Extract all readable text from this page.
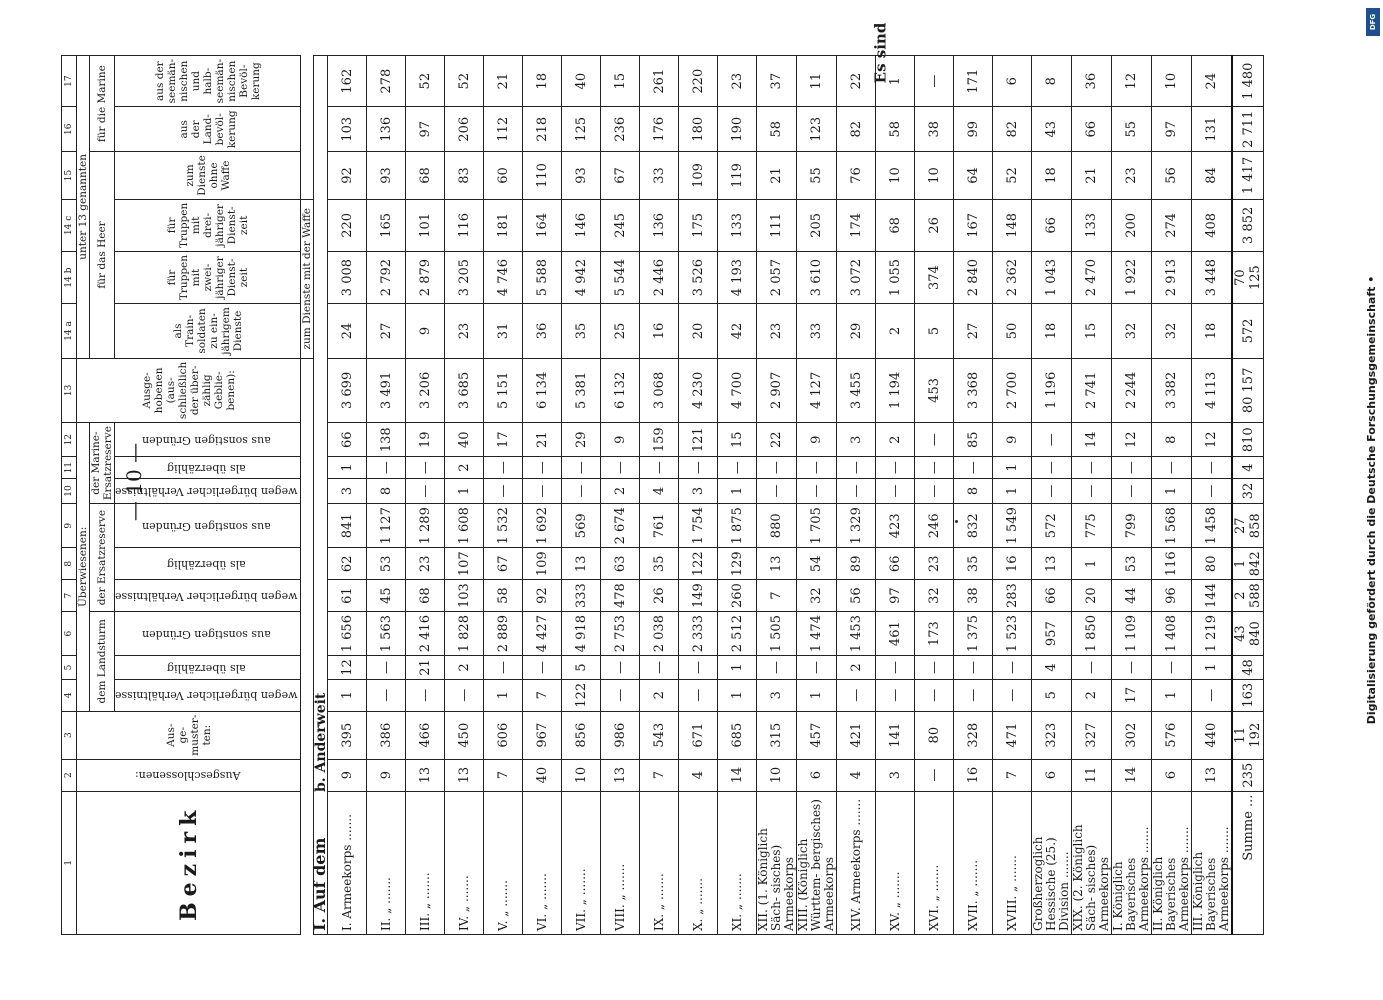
— 10 —
Es sind
DFG
Digitalisierung gefördert durch die Deutsche Forschungsgemeinschaft •
1	2	3	4	5	6	7	8	9	10	11	12	13	14 a	14 b	14 c	15	16	17
Bezirk	Ausgeschlossenen:	Aus- ge- muster- ten:	Überwiesenen:									Ausge- hobenen (aus- schließlich der über- zählig Geblie- benen):	unter 13 genannten					
			dem Landsturm			der Ersatzreserve			der Marine- Ersatzreserve				für das Heer				für die Marine	
			wegen bürgerlicher Verhältnisse	als überzählig	aus sonstigen Gründen	wegen bürgerlicher Verhältnisse	als überzählig	aus sonstigen Gründen	wegen bürgerlicher Verhältnisse	als überzählig	aus sonstigen Gründen		als Train- soldaten zu ein- jährigem Dienste	für Truppen mit zwei- jähriger Dienst- zeit	für Truppen mit drei- jähriger Dienst- zeit	zum Dienste ohne Waffe	aus der Land- bevöl- kerung	aus der seemän- nischen und halb- seemän- nischen Bevöl- kerung
													zum Dienste mit der Waffe					
I. Auf dem b. Anderweit																		
I. Armeekorps .......	9	395	1	12	1 656	61	62	841	3	1	66	3 699	24	3 008	220	92	103	162
II. „ .......	9	386	—	—	1 563	45	53	1 127	8	—	138	3 491	27	2 792	165	93	136	278
III. „ .......	13	466	—	21	2 416	68	23	1 289	—	—	19	3 206	9	2 879	101	68	97	52
IV. „ .......	13	450	—	2	1 828	103	107	1 608	1	2	40	3 685	23	3 205	116	83	206	52
V. „ .......	7	606	1	—	2 889	58	67	1 532	—	—	17	5 151	31	4 746	181	60	112	21
VI. „ .......	40	967	7	—	4 427	92	109	1 692	—	—	21	6 134	36	5 588	164	110	218	18
VII. „ .......	10	856	122	5	4 918	333	13	569	—	—	29	5 381	35	4 942	146	93	125	40
VIII. „ .......	13	986	—	—	2 753	478	63	2 674	2	—	9	6 132	25	5 544	245	67	236	15
IX. „ .......	7	543	2	—	2 038	26	35	761	4	—	159	3 068	16	2 446	136	33	176	261
X. „ .......	4	671	—	—	2 333	149	122	1 754	3	—	121	4 230	20	3 526	175	109	180	220
XI. „ .......	14	685	1	1	2 512	260	129	1 875	1	—	15	4 700	42	4 193	133	119	190	23
XII. (1. Königlich Säch- sisches) Armeekorps	10	315	3	—	1 505	7	13	880	—	—	22	2 907	23	2 057	111	21	58	37
XIII. (Königlich Württem- bergisches) Armeekorps	6	457	1	—	1 474	32	54	1 705	—	—	9	4 127	33	3 610	205	55	123	11
XIV. Armeekorps .......	4	421	—	2	1 453	56	89	1 329	—	—	3	3 455	29	3 072	174	76	82	22
XV. „ .......	3	141	—	—	461	97	66	423	—	—	2	1 194	2	1 055	68	10	58	1
XVI. „ .......	—	80	—	—	173	32	23	246	—	—	—	453	5	374	26	10	38	—
XVII. „ .......	16	328	—	—	1 375	38	35	832	8	—	85	3 368	27	2 840	167	64	99	171
XVIII. „ .......	7	471	—	—	1 523	283	16	1 549	1	1	9	2 700	50	2 362	148	52	82	6
Großherzoglich Hessische (25.) Division .......	6	323	5	4	957	66	13	572	—	—	—	1 196	18	1 043	66	18	43	8
XIX. (2. Königlich Säch- sisches) Armeekorps	11	327	2	—	1 850	20	1	775	—	—	14	2 741	15	2 470	133	21	66	36
I. Königlich Bayerisches Armeekorps .......	14	302	17	—	1 109	44	53	799	—	—	12	2 244	32	1 922	200	23	55	12
II. Königlich Bayerisches Armeekorps .......	6	576	1	—	1 408	96	116	1 568	1	—	8	3 382	32	2 913	274	56	97	10
III. Königlich Bayerisches Armeekorps .......	13	440	—	1	1 219	144	80	1 458	—	—	12	4 113	18	3 448	408	84	131	24
Summe ...	235	11 192	163	48	43 840	2 588	1 842	27 858	32	4	810	80 157	572	70 125	3 852	1 417	2 711	1 480
